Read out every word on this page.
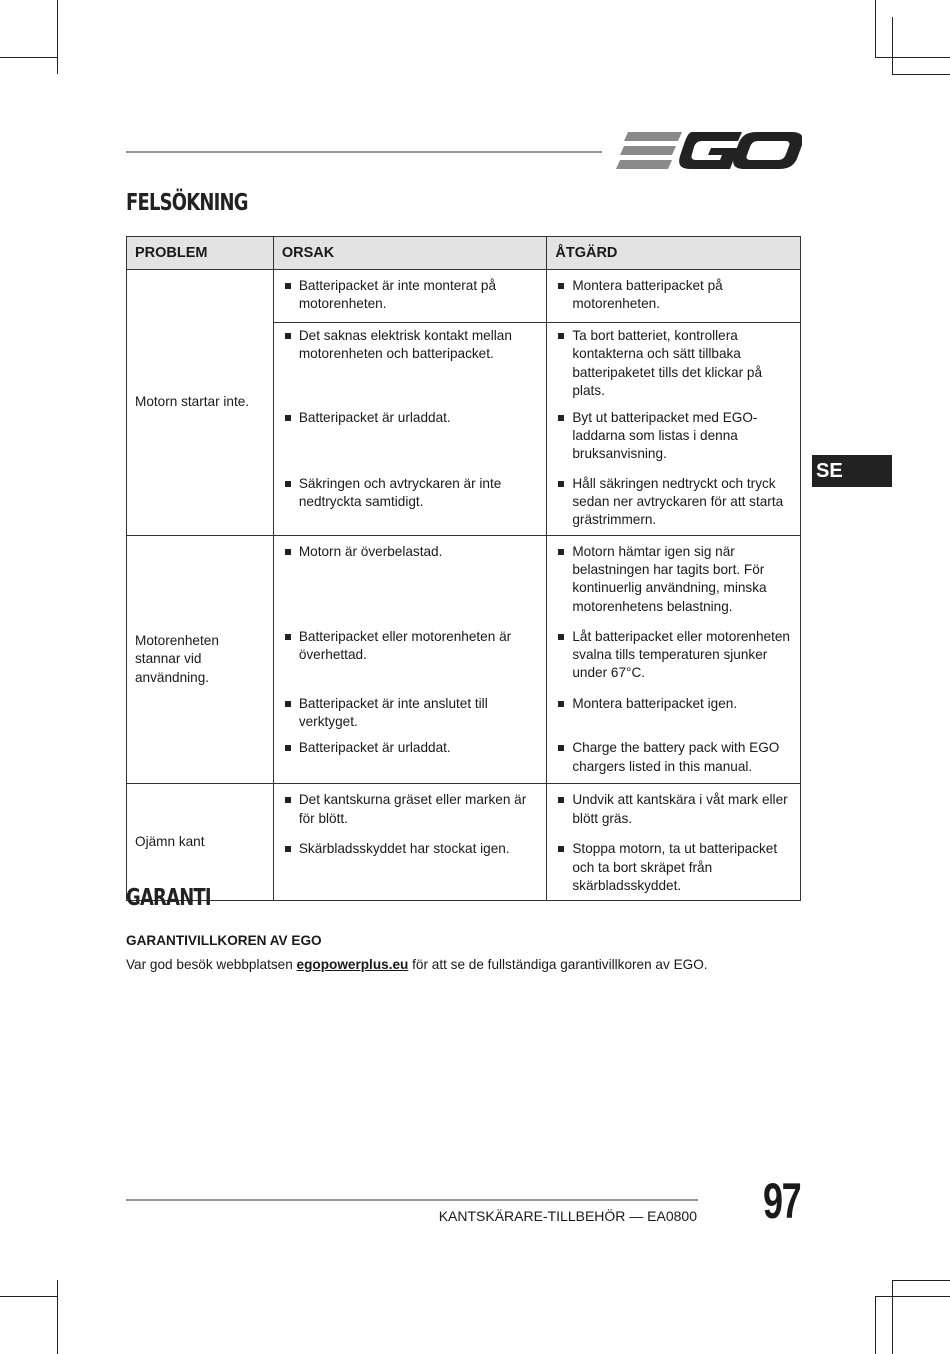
FELSÖKNING
SE
PROBLEM	ORSAK	ÅTGÄRD
Motorn startar inte.	Batteripacket är inte monterat på motorenheten.	Montera batteripacket på motorenheten.

	Det saknas elektrisk kontakt mellan motorenheten och batteripacket.	Ta bort batteriet, kontrollera kontakterna och sätt tillbaka batteripaketet tills det klickar på plats.

	Batteripacket är urladdat.	Byt ut batteripacket med EGO-laddarna som listas i denna bruksanvisning.

	Säkringen och avtryckaren är inte nedtryckta samtidigt.	Håll säkringen nedtryckt och tryck sedan ner avtryckaren för att starta grästrimmern.

Motorenheten stannar vid användning.	Motorn är överbelastad.	Motorn hämtar igen sig när belastningen har tagits bort. För kontinuerlig användning, minska motorenhetens belastning.

	Batteripacket eller motorenheten är överhettad.	Låt batteripacket eller motorenheten svalna tills temperaturen sjunker under 67°C.

	Batteripacket är inte anslutet till verktyget.	Montera batteripacket igen.

	Batteripacket är urladdat.	Charge the battery pack with EGO chargers listed in this manual.

Ojämn kant	Det kantskurna gräset eller marken är för blött.	Undvik att kantskära i våt mark eller blött gräs.

	Skärbladsskyddet har stockat igen.	Stoppa motorn, ta ut batteripacket och ta bort skräpet från skärbladsskyddet.
GARANTI
GARANTIVILLKOREN AV EGO

Var god besök webbplatsen egopowerplus.eu för att se de fullständiga garantivillkoren av EGO.

KANTSKÄRARE-TILLBEHÖR — EA0800 97
